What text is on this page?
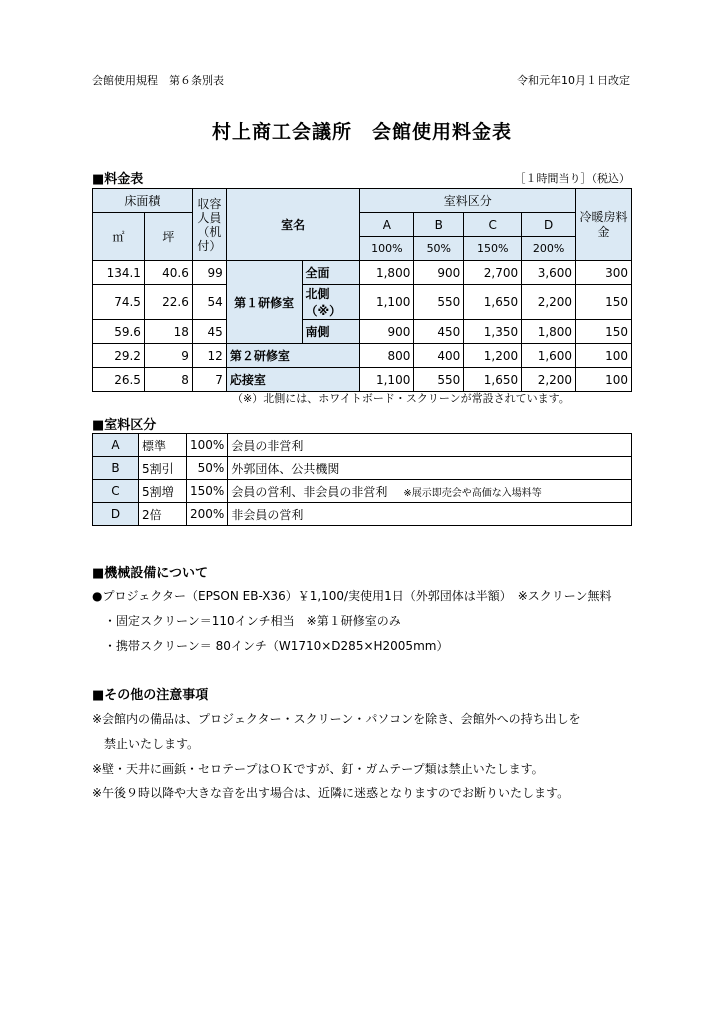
会館使用規程　第６条別表	令和元年10月１日改定
村上商工会議所　会館使用料金表
■料金表	［１時間当り］（税込）
床面積		収容人員（机付）	室名		室料区分				冷暖房料金
㎡	坪				A	B	C	D	
					100%	50%	150%	200%	
134.1	40.6	99	第１研修室	全面	1,800	900	2,700	3,600	300
74.5	22.6	54		北側（※）	1,100	550	1,650	2,200	150
59.6	18	45		南側	900	450	1,350	1,800	150
29.2	9	12	第２研修室		800	400	1,200	1,600	100
26.5	8	7	応接室		1,100	550	1,650	2,200	100
（※）北側には、ホワイトボード・スクリーンが常設されています。
■室料区分
A	標準	100%	会員の非営利
B	5割引	50%	外郭団体、公共機関
C	5割増	150%	会員の営利、非会員の非営利 ※展示即売会や高価な入場料等
D	2倍	200%	非会員の営利
■機械設備について
●プロジェクター（EPSON EB-X36）￥1,100/実使用1日（外郭団体は半額）　※スクリーン無料
・固定スクリーン＝110インチ相当　※第１研修室のみ
・携帯スクリーン＝ 80インチ（W1710×D285×H2005mm）
■その他の注意事項
※会館内の備品は、プロジェクター・スクリーン・パソコンを除き、会館外への持ち出しを
禁止いたします。
※壁・天井に画鋲・セロテープはＯＫですが、釘・ガムテープ類は禁止いたします。
※午後９時以降や大きな音を出す場合は、近隣に迷惑となりますのでお断りいたします。
